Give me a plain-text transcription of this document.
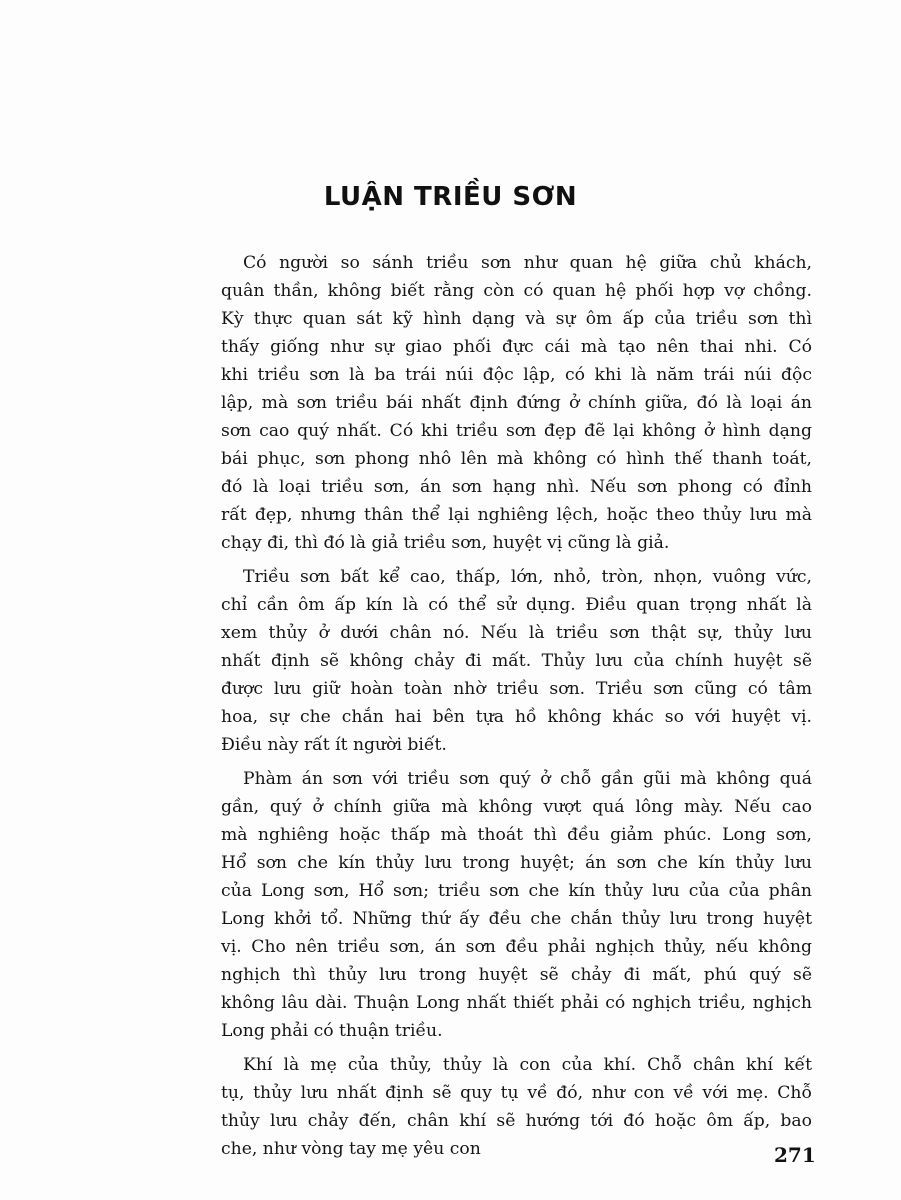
LUẬN TRIỀU SƠN
Có người so sánh triều sơn như quan hệ giữa chủ khách,
quân thần, không biết rằng còn có quan hệ phối hợp vợ chồng.
Kỳ thực quan sát kỹ hình dạng và sự ôm ấp của triều sơn thì
thấy giống như sự giao phối đực cái mà tạo nên thai nhi. Có
khi triều sơn là ba trái núi độc lập, có khi là năm trái núi độc
lập, mà sơn triều bái nhất định đứng ở chính giữa, đó là loại án
sơn cao quý nhất. Có khi triều sơn đẹp đẽ lại không ở hình dạng
bái phục, sơn phong nhô lên mà không có hình thế thanh toát,
đó là loại triều sơn, án sơn hạng nhì. Nếu sơn phong có đỉnh
rất đẹp, nhưng thân thể lại nghiêng lệch, hoặc theo thủy lưu mà
chạy đi, thì đó là giả triều sơn, huyệt vị cũng là giả.
Triều sơn bất kể cao, thấp, lớn, nhỏ, tròn, nhọn, vuông vức,
chỉ cần ôm ấp kín là có thể sử dụng. Điều quan trọng nhất là
xem thủy ở dưới chân nó. Nếu là triều sơn thật sự, thủy lưu
nhất định sẽ không chảy đi mất. Thủy lưu của chính huyệt sẽ
được lưu giữ hoàn toàn nhờ triều sơn. Triều sơn cũng có tâm
hoa, sự che chắn hai bên tựa hồ không khác so với huyệt vị.
Điều này rất ít người biết.
Phàm án sơn với triều sơn quý ở chỗ gần gũi mà không quá
gần, quý ở chính giữa mà không vượt quá lông mày. Nếu cao
mà nghiêng hoặc thấp mà thoát thì đều giảm phúc. Long sơn,
Hổ sơn che kín thủy lưu trong huyệt; án sơn che kín thủy lưu
của Long sơn, Hổ sơn; triều sơn che kín thủy lưu của của phân
Long khởi tổ. Những thứ ấy đều che chắn thủy lưu trong huyệt
vị. Cho nên triều sơn, án sơn đều phải nghịch thủy, nếu không
nghịch thì thủy lưu trong huyệt sẽ chảy đi mất, phú quý sẽ
không lâu dài. Thuận Long nhất thiết phải có nghịch triều, nghịch
Long phải có thuận triều.
Khí là mẹ của thủy, thủy là con của khí. Chỗ chân khí kết
tụ, thủy lưu nhất định sẽ quy tụ về đó, như con về với mẹ. Chỗ
thủy lưu chảy đến, chân khí sẽ hướng tới đó hoặc ôm ấp, bao
che, như vòng tay mẹ yêu con	271
